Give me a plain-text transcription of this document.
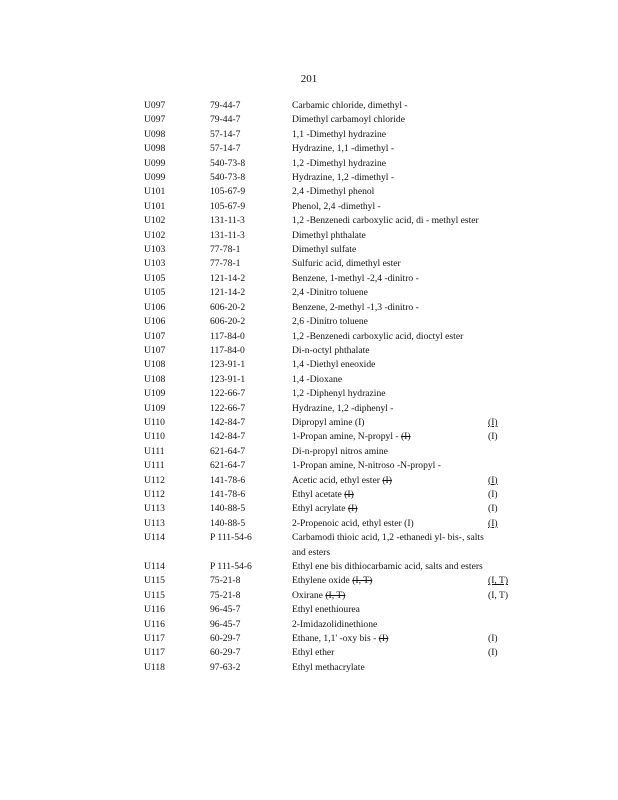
201
U097	79-44-7	Carbamic chloride, dimethyl -
U097	79-44-7	Dimethyl carbamoyl chloride
U098	57-14-7	1,1 -Dimethyl hydrazine
U098	57-14-7	Hydrazine, 1,1 -dimethyl -
U099	540-73-8	1,2 -Dimethyl hydrazine
U099	540-73-8	Hydrazine, 1,2 -dimethyl -
U101	105-67-9	2,4 -Dimethyl phenol
U101	105-67-9	Phenol, 2,4 -dimethyl -
U102	131-11-3	1,2 -Benzenedi carboxylic acid, di - methyl ester
U102	131-11-3	Dimethyl phthalate
U103	77-78-1	Dimethyl sulfate
U103	77-78-1	Sulfuric acid, dimethyl ester
U105	121-14-2	Benzene, 1-methyl -2,4 -dinitro -
U105	121-14-2	2,4 -Dinitro toluene
U106	606-20-2	Benzene, 2-methyl -1,3 -dinitro -
U106	606-20-2	2,6 -Dinitro toluene
U107	117-84-0	1,2 -Benzenedi carboxylic acid, dioctyl ester
U107	117-84-0	Di-n-octyl phthalate
U108	123-91-1	1,4 -Diethyl eneoxide
U108	123-91-1	1,4 -Dioxane
U109	122-66-7	1,2 -Diphenyl hydrazine
U109	122-66-7	Hydrazine, 1,2 -diphenyl -
U110	142-84-7	Dipropyl amine (I)	(I)
U110	142-84-7	1-Propan amine, N-propyl - (I)	(I)
U111	621-64-7	Di-n-propyl nitros amine
U111	621-64-7	1-Propan amine, N-nitroso -N-propyl -
U112	141-78-6	Acetic acid, ethyl ester (I)	(I)
U112	141-78-6	Ethyl acetate (I)	(I)
U113	140-88-5	Ethyl acrylate (I)	(I)
U113	140-88-5	2-Propenoic acid, ethyl ester (I)	(I)
U114	P 111-54-6	Carbamodi thioic acid, 1,2 -ethanedi yl- bis-, salts and esters
U114	P 111-54-6	Ethyl ene bis dithiocarbamic acid, salts and esters
U115	75-21-8	Ethylene oxide (I, T)	(I, T)
U115	75-21-8	Oxirane (I, T)	(I, T)
U116	96-45-7	Ethyl enethiourea
U116	96-45-7	2-Imidazolidinethione
U117	60-29-7	Ethane, 1,1' -oxy bis - (I)	(I)
U117	60-29-7	Ethyl ether	(I)
U118	97-63-2	Ethyl methacrylate
